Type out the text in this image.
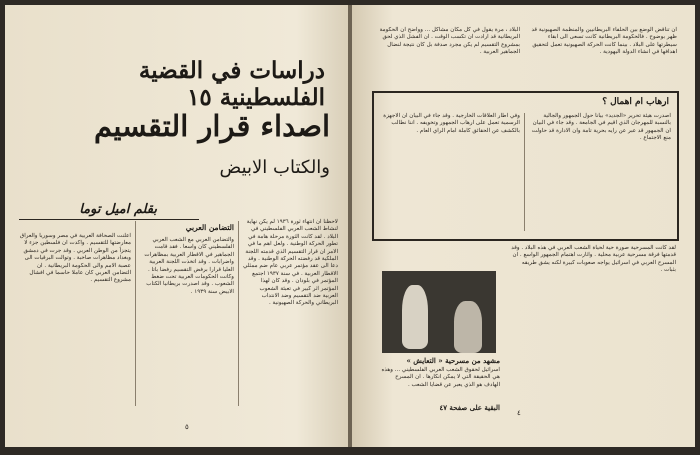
دراسات في القضية الفلسطينية ١٥
اصداء قرار التقسيم
والكتاب الابيض
بقلم اميل توما
لاحظنا ان انتهاء ثورة ١٩٣٦ لم يكن نهاية لنشاط الشعب العربي الفلسطيني في البلاد . لقد كانت الثورة مرحلة هامة في تطور الحركة الوطنية . ولعل اهم ما في الامر ان قرار التقسيم الذي قدمته اللجنة الملكية قد رفضته الحركة الوطنية . وقد دعا الى عقد مؤتمر عربي عام ضم ممثلي الاقطار العربية . في سنة ١٩٣٧ اجتمع المؤتمر في بلودان . وقد كان لهذا المؤتمر اثر كبير في تعبئة الشعوب العربية ضد التقسيم وضد الانتداب البريطاني والحركة الصهيونية .
التضامن العربي
والتضامن العربي مع الشعب العربي الفلسطيني كان واسعا . فقد قامت الجماهير في الاقطار العربية بمظاهرات واضرابات . وقد اتخذت اللجنة العربية العليا قرارا برفض التقسيم رفضا باتا . وكانت الحكومات العربية تحت ضغط الشعوب . وقد اصدرت بريطانيا الكتاب الابيض سنة ١٩٣٩ .
اعلنت الصحافة العربية في مصر وسوريا والعراق معارضتها للتقسيم . واكدت ان فلسطين جزء لا يتجزأ من الوطن العربي . وقد جرت في دمشق وبغداد مظاهرات صاخبة . وتوالت البرقيات الى عصبة الامم والى الحكومة البريطانية . ان التضامن العربي كان عاملا حاسما في افشال مشروع التقسيم .
٥
ان تناقض الوضع بين الحلفاء البريطانيين والمنظمة الصهيونية قد ظهر بوضوح . فالحكومة البريطانية كانت تسعى الى ابقاء سيطرتها على البلاد . بينما كانت الحركة الصهيونية تعمل لتحقيق اهدافها في انشاء الدولة اليهودية .
البلاد ، مرة يقول في كل مكان مشاكل ... وواضح ان الحكومة البريطانية قد ارادت ان تكسب الوقت . ان الفشل الذي لحق بمشروع التقسيم لم يكن مجرد صدفة بل كان نتيجة لنضال الجماهير العربية .
ارهاب ام اهمال ؟
اصدرت هيئة تحرير «الجديد» بيانا حول الجمهور والجالية بالنسبة للمهرجان الذي اقيم في الجامعة . وقد جاء في البيان ان الجمهور قد عبر عن رايه بحرية تامة وان الادارة قد حاولت منع الاجتماع .
وفي اطار العلاقات الخارجية . وقد جاء في البيان ان الاجهزة الرسمية تعمل على ارهاب الجمهور وتخويفه . اننا نطالب بالكشف عن الحقائق كاملة امام الراي العام .
مشهد من مسرحية « التعايش »
اسرائيل لحقوق الشعب العربي الفلسطيني ... وهذه هي الحقيقة التي لا يمكن انكارها . ان المسرح الهادف هو الذي يعبر عن قضايا الشعب .
البقية على صفحة ٤٧
لقد كانت المسرحية صورة حية لحياة الشعب العربي في هذه البلاد . وقد قدمتها فرقة مسرحية عربية محلية . واثارت اهتمام الجمهور الواسع . ان المسرح العربي في اسرائيل يواجه صعوبات كبيرة لكنه يشق طريقه بثبات .
٤
